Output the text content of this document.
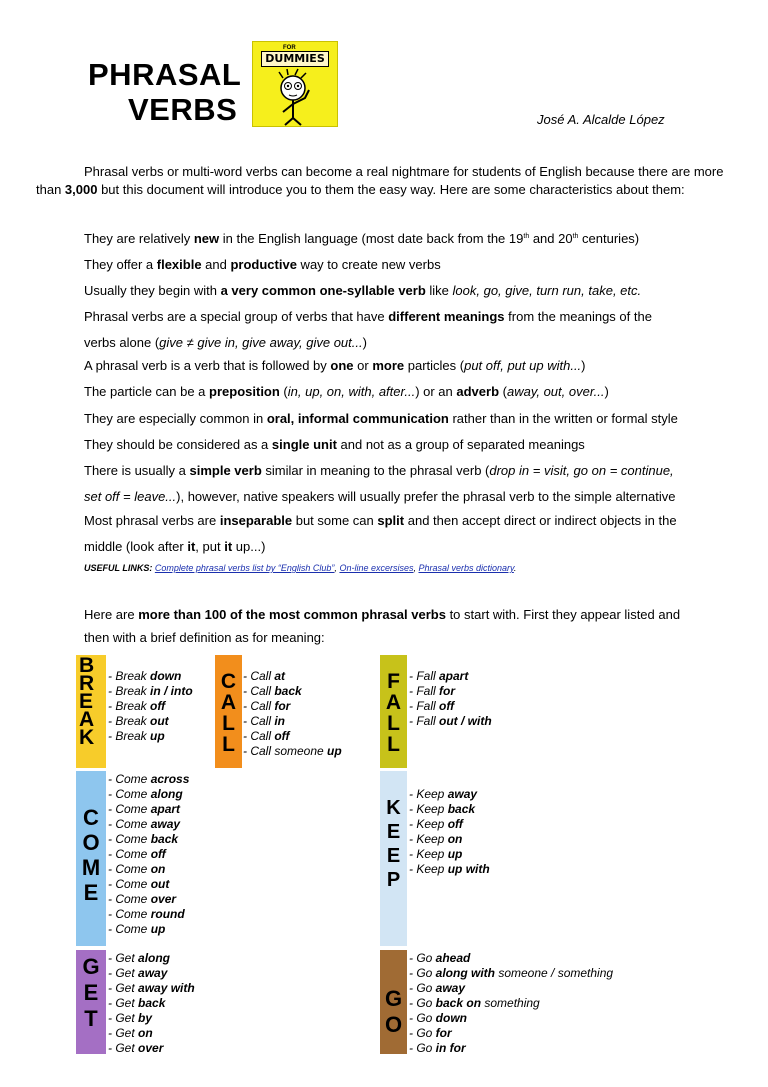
PHRASAL
VERBS
FOR
DUMMIES
José A. Alcalde López
Phrasal verbs or multi-word verbs can become a real nightmare for students of English because there are more than 3,000 but this document will introduce you to them the easy way. Here are some characteristics about them:
They are relatively new in the English language (most date back from the 19th and 20th centuries)
They offer a flexible and productive way to create new verbs
Usually they begin with a very common one-syllable verb like look, go, give, turn run, take, etc.
Phrasal verbs are a special group of verbs that have different meanings from the meanings of the
verbs alone (give ≠ give in, give away, give out...)
A phrasal verb is a verb that is followed by one or more particles (put off, put up with...)
The particle can be a preposition (in, up, on, with, after...) or an adverb (away, out, over...)
They are especially common in oral, informal communication rather than in the written or formal style
They should be considered as a single unit and not as a group of separated meanings
There is usually a simple verb similar in meaning to the phrasal verb (drop in = visit, go on = continue,
set off = leave...), however, native speakers will usually prefer the phrasal verb to the simple alternative
Most phrasal verbs are inseparable but some can split and then accept direct or indirect objects in the
middle (look after it, put it up...)
USEFUL LINKS: Complete phrasal verbs list by “English Club”, On-line excersises, Phrasal verbs dictionary.
Here are more than 100 of the most common phrasal verbs to start with. First they appear listed and
then with a brief definition as for meaning:
B
R
E
A
K
- Break down
- Break in / into
- Break off
- Break out
- Break up
C
A
L
L
- Call at
- Call back
- Call for
- Call in
- Call off
- Call someone up
F
A
L
L
- Fall apart
- Fall for
- Fall off
- Fall out / with
C
O
M
E
- Come across
- Come along
- Come apart
- Come away
- Come back
- Come off
- Come on
- Come out
- Come over
- Come round
- Come up
K
E
E
P
- Keep away
- Keep back
- Keep off
- Keep on
- Keep up
- Keep up with
G
E
T
- Get along
- Get away
- Get away with
- Get back
- Get by
- Get on
- Get over
G
O
- Go ahead
- Go along with someone / something
- Go away
- Go back on something
- Go down
- Go for
- Go in for
